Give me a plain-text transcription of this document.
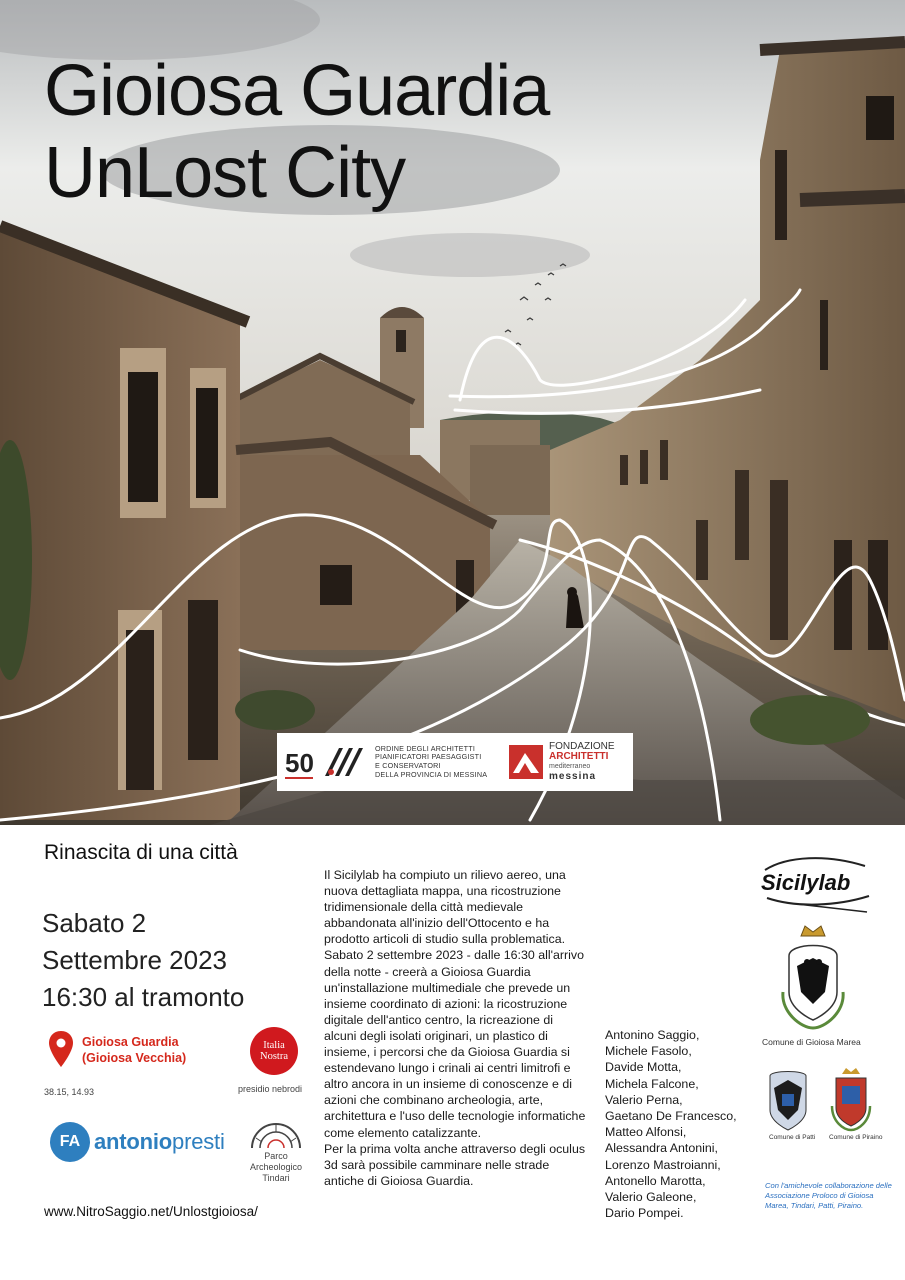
Gioiosa Guardia
UnLost City
50	ORDINE DEGLI ARCHITETTI
PIANIFICATORI PAESAGGISTI
E CONSERVATORI
DELLA PROVINCIA DI MESSINA
FONDAZIONE
ARCHITETTI
mediterraneo
messina
Rinascita di una città
Sabato 2
Settembre 2023
16:30 al tramonto
Gioiosa Guardia
(Gioiosa Vecchia)
38.15, 14.93
Italia
Nostra
presidio nebrodi
FA antoniopresti
Parco
Archeologico
Tindari
www.NitroSaggio.net/Unlostgioiosa/

Il Sicilylab ha compiuto un rilievo aereo, una nuova dettagliata mappa, una ricostruzione tridimensionale della città medievale abbandonata all'inizio dell'Ottocento e ha prodotto articoli di studio sulla problematica. Sabato 2 settembre 2023 - dalle 16:30 all'arrivo della notte - creerà a Gioiosa Guardia un'installazione multimediale che prevede un insieme coordinato di azioni: la ricostruzione digitale dell'antico centro, la ricreazione di alcuni degli isolati originari, un plastico di insieme, i percorsi che da Gioiosa Guardia si estendevano lungo i crinali ai centri limitrofi e altro ancora in un insieme di conoscenze e di azioni che combinano archeologia, arte, architettura e l'uso delle tecnologie informatiche come elemento catalizzante.

Per la prima volta anche attraverso degli oculus 3d sarà possibile camminare nelle strade antiche di Gioiosa Guardia.

Antonino Saggio,
Michele Fasolo,
Davide Motta,
Michela Falcone,
Valerio Perna,
Gaetano De Francesco,
Matteo Alfonsi,
Alessandra Antonini,
Lorenzo Mastroianni,
Antonello Marotta,
Valerio Galeone,
Dario Pompei.
Sicilylab
Comune di Gioiosa Marea
Comune di Patti Comune di Piraino
Con l'amichevole collaborazione delle Associazione Proloco di Gioiosa Marea, Tindari, Patti, Piraino.
